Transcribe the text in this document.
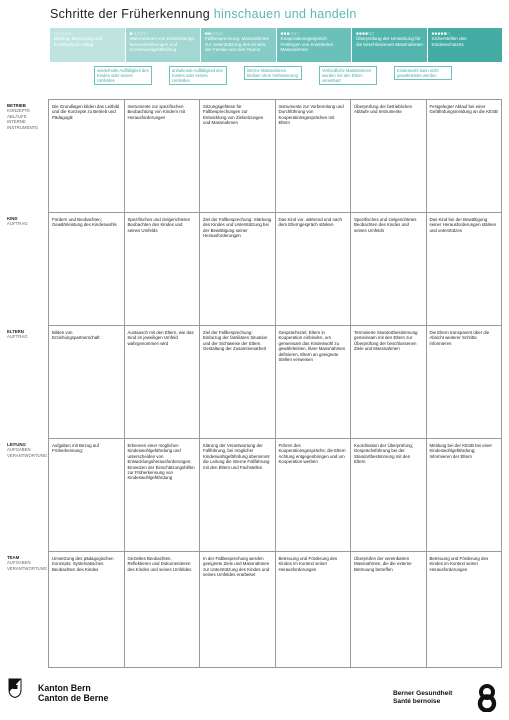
Schritte der Früherkennung hinschauen und handeln
□□□□□□
Bildung, Betreuung und Erziehung im Alltag
■□□□□□
Wahrnehmen von Entwicklungs-herausforderungen und Kindeswohlgefährdung
■■□□□□
Fallbesprechung: Massnahmen zur Unterstützung des Kindes, der Familie und des Teams
■■■□□□
Kooperationsgespräch: Festlegen von erweiterten Massnahmen
■■■■□□
Überprüfung der Umsetzung für die beschlossenen Massnahmen
■■■■■□
Sicherstellen des Kindesschutzes
wiederholte Auffälligkeit des Kindes oder seines Umfeldes
anhaltende Auffälligkeit des Kindes oder seines Umfeldes
interne Massnahmen bleiben ohne Verbesserung
Verbindliche Massnahmen wurden mit den Eltern vereinbart
Kindeswohl kann nicht gewährleistet werden
Die Grundlagen bilden das Leitbild und die Konzepte zu Betrieb und Pädagogik	Instrumente zur spezifischen Beobachtung von Kindern mit Herausforderungen	Sitzungsgefässe für Fallbesprechungen zur Entwicklung von Zielsetzungen und Massnahmen	Instrumente zur Vorbereitung und Durchführung von Kooperationsgesprächen mit Eltern	Überprüfung der betrieblichen Abläufe und Instrumente	Festgelegter Ablauf bei einer Gefährdungsmeldung an die KESB
Fördern und Beobachten; Gewährleistung des Kindeswohls	Spezifisches und zielgerichtetes Beobachten des Kindes und seines Umfelds	Ziel der Fallbesprechung: Stärkung des Kindes und Unterstützung bei der Bewältigung seiner Herausforderungen	Das Kind vor, während und nach dem Elterngespräch stärken	Spezifisches und zielgerichtetes Beobachten des Kindes und seines Umfelds	Das Kind bei der Bewältigung seiner Herausforderungen stärken und unterstützen
Bilden von Erziehungspartnerschaft	Austausch mit den Eltern, wie das Kind im jeweiligen Umfeld wahrgenommen wird	Ziel der Fallbesprechung: Einbezug der familiären Situation und der Sichtweise der Eltern. Gestaltung der Zusammenarbeit	Gesprächsziel: Eltern in Kooperation einbinden, um gemeinsam das Kindeswohl zu gewährleisten, klare Massnahmen definieren, Eltern an geeignete Stellen verweisen	Terminierte Standortbestimmung gemeinsam mit den Eltern zur Überprüfung der beschlossenen Ziele und Massnahmen	Die Eltern transparent über die Absicht weiterer Schritte informieren
Aufgaben mit Bezug auf Früherkennung:	Erkennen einer möglichen Kindeswohlgefährdung und unterscheiden von Entwicklungsherausforderungen; Einsetzen der Einschätzungshilfen zur Früherkennung von Kindeswohlgefährdung	Klärung der Verantwortung der Fallführung, bei möglicher Kindeswohlgefährdung übernimmt die Leitung die interne Fallführung mit den Eltern und Fachstellen	Führen des Kooperationsgesprächs; die Eltern Achtung entgegenbringen und um Kooperation werben	Koordination der Überprüfung; Gesprächsführung bei der Standortbestimmung mit den Eltern	Meldung bei der KESB bei einer Kindeswohlgefährdung; Informieren der Eltern
Umsetzung des pädagogischen Konzepts; Systematisches Beobachten des Kindes	Gezieltes Beobachten, Reflektieren und Dokumentieren des Kindes und seines Umfeldes	In der Fallbesprechung werden geeignete Ziele und Massnahmen zur Unterstützung des Kindes und seines Umfeldes erarbeitet	Betreuung und Förderung des Kindes im Kontext seiner Herausforderungen	Überprüfen der vereinbarten Massnahmen, die die externe Betreuung betreffen	Betreuung und Förderung des Kindes im Kontext seiner Herausforderungen
BETRIEB
KONZEPTE
ABLÄUFE
INTERNE
INSTRUMENTE
KIND
AUFTRAG
ELTERN
AUFTRAG
LEITUNG
AUFGABEN
VERANTWORTUNG
TEAM
AUFGABEN
VERANTWORTUNG
Kanton Bern
Canton de Berne	Berner Gesundheit
Santé bernoise
